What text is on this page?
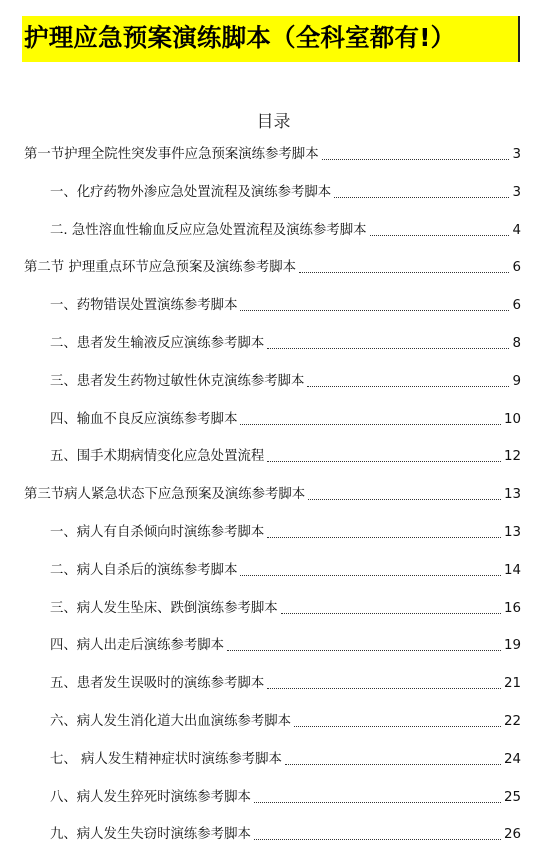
护理应急预案演练脚本（全科室都有!）
目录
第一节护理全院性突发事件应急预案演练参考脚本	3
一、化疗药物外渗应急处置流程及演练参考脚本	3
二. 急性溶血性输血反应应急处置流程及演练参考脚本	4
第二节 护理重点环节应急预案及演练参考脚本	6
一、药物错误处置演练参考脚本	6
二、患者发生输液反应演练参考脚本	8
三、患者发生药物过敏性休克演练参考脚本	9
四、输血不良反应演练参考脚本	10
五、围手术期病情变化应急处置流程	12
第三节病人紧急状态下应急预案及演练参考脚本	13
一、病人有自杀倾向时演练参考脚本	13
二、病人自杀后的演练参考脚本	14
三、病人发生坠床、跌倒演练参考脚本	16
四、病人出走后演练参考脚本	19
五、患者发生误吸时的演练参考脚本	21
六、病人发生消化道大出血演练参考脚本	22
七、 病人发生精神症状时演练参考脚本	24
八、病人发生猝死时演练参考脚本	25
九、病人发生失窃时演练参考脚本	26
